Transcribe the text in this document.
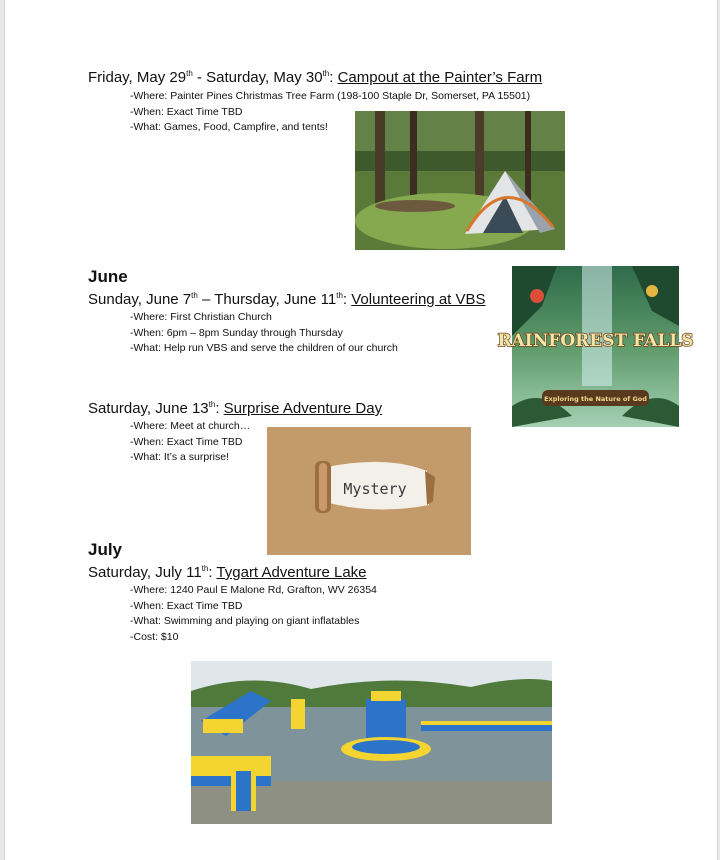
Friday, May 29th - Saturday, May 30th: Campout at the Painter’s Farm
-Where: Painter Pines Christmas Tree Farm (198-100 Staple Dr, Somerset, PA 15501)
-When: Exact Time TBD
-What: Games, Food, Campfire, and tents!
June
Sunday, June 7th – Thursday, June 11th: Volunteering at VBS
-Where: First Christian Church
-When: 6pm – 8pm Sunday through Thursday
-What: Help run VBS and serve the children of our church	RAINFOREST FALLS
Exploring the Nature of God
Saturday, June 13th: Surprise Adventure Day
-Where: Meet at church…
-When: Exact Time TBD
-What: It’s a surprise!
Mystery
July
Saturday, July 11th: Tygart Adventure Lake
-Where: 1240 Paul E Malone Rd, Grafton, WV 26354
-When: Exact Time TBD
-What: Swimming and playing on giant inflatables
-Cost: $10
